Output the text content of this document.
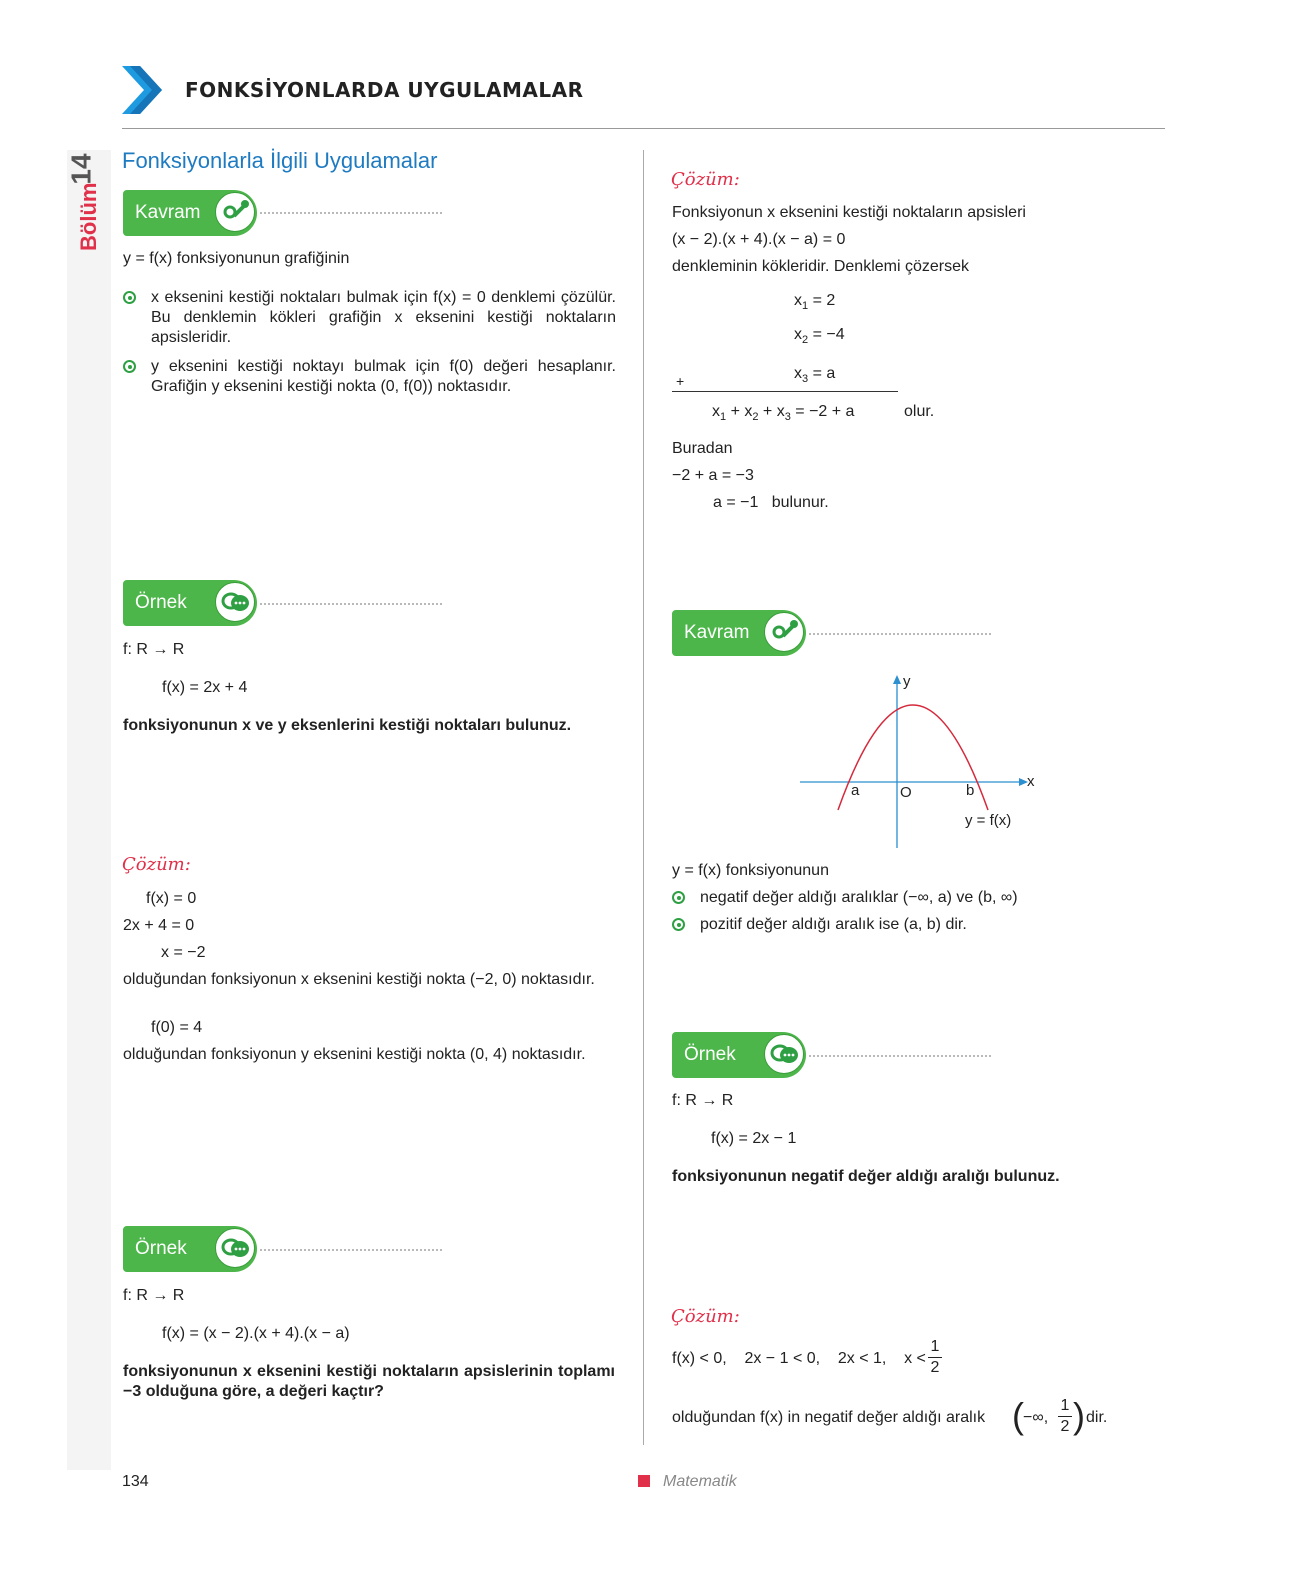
FONKSİYONLARDA UYGULAMALAR
14
Bölüm
Fonksiyonlarla İlgili Uygulamalar
Kavram
y = f(x) fonksiyonunun grafiğinin
x eksenini kestiği noktaları bulmak için f(x) = 0 denklemi çözülür. Bu denklemin kökleri grafiğin x eksenini kestiği noktaların apsisleridir.
y eksenini kestiği noktayı bulmak için f(0) değeri hesaplanır. Grafiğin y eksenini kestiği nokta (0, f(0)) noktasıdır.
Örnek
f: R → R
f(x) = 2x + 4
fonksiyonunun x ve y eksenlerini kestiği noktaları bulunuz.
Çözüm:
f(x) = 0
2x + 4 = 0
x = −2
olduğundan fonksiyonun x eksenini kestiği nokta (−2, 0) noktasıdır.
f(0) = 4
olduğundan fonksiyonun y eksenini kestiği nokta (0, 4) noktasıdır.
Örnek
f: R → R
f(x) = (x − 2).(x + 4).(x − a)
fonksiyonunun x eksenini kestiği noktaların apsislerinin toplamı −3 olduğuna göre, a değeri kaçtır?
Çözüm:
Fonksiyonun x eksenini kestiği noktaların apsisleri
(x − 2).(x + 4).(x − a) = 0
denkleminin kökleridir. Denklemi çözersek
$x_1 = 2$
$x_2 = -4$
$x_3 = a$
+
$x_1 + x_2 + x_3 = -2 + a$	olur.
Buradan
−2 + a = −3
a = −1   bulunur.
Kavram
y
x
O
a	b
y = f(x)
y = f(x) fonksiyonunun
negatif değer aldığı aralıklar (−∞, a) ve (b, ∞)
pozitif değer aldığı aralık ise (a, b) dir.
Örnek
f: R → R
f(x) = 2x − 1
fonksiyonunun negatif değer aldığı aralığı bulunuz.
Çözüm:
f(x) < 0,    2x − 1 < 0,    2x < 1,    x <
1
2
olduğundan f(x) in negatif değer aldığı aralık ( −∞,
1
2 ) dir.
134	Matematik
